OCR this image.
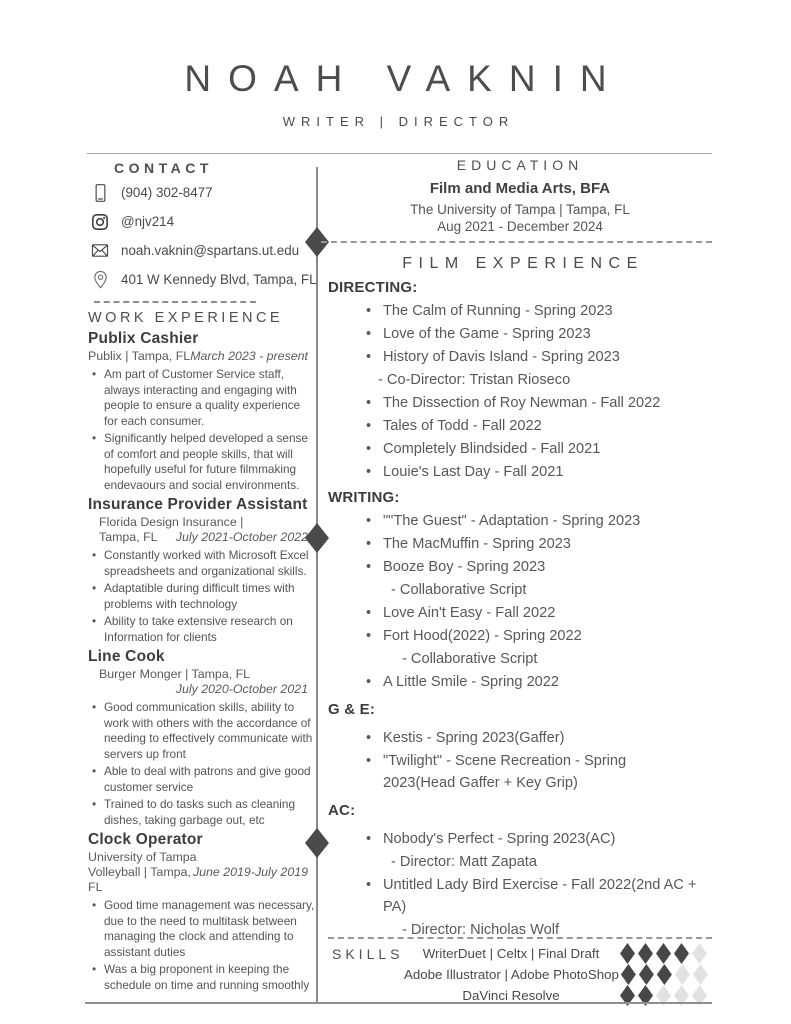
NOAH VAKNIN
WRITER | DIRECTOR
CONTACT
(904) 302-8477
@njv214
noah.vaknin@spartans.ut.edu
401 W Kennedy Blvd, Tampa, FL
WORK EXPERIENCE
Publix Cashier
Publix | Tampa, FL March 2023 - present
• Am part of Customer Service staff, always interacting and engaging with people to ensure a quality experience for each consumer.
• Significantly helped developed a sense of comfort and people skills, that will hopefully useful for future filmmaking endevaours and social environments.
Insurance Provider Assistant
Florida Design Insurance |
Tampa, FL July 2021-October 2022
• Constantly worked with Microsoft Excel spreadsheets and organizational skills.
• Adaptatible during difficult times with problems with technology
• Ability to take extensive research on Information for clients
Line Cook
Burger Monger | Tampa, FL
July 2020-October 2021
• Good communication skills, ability to work with others with the accordance of needing to effectively communicate with servers up front
• Able to deal with patrons and give good customer service
• Trained to do tasks such as cleaning dishes, taking garbage out, etc
Clock Operator
University of Tampa
Volleyball | Tampa, FL
June 2019-July 2019
• Good time management was necessary, due to the need to multitask between managing the clock and attending to assistant duties
• Was a big proponent in keeping the schedule on time and running smoothly
EDUCATION
Film and Media Arts, BFA
The University of Tampa | Tampa, FL
Aug 2021 - December 2024
FILM EXPERIENCE
DIRECTING:
• The Calm of Running - Spring 2023
• Love of the Game - Spring 2023
• History of Davis Island - Spring 2023
- Co-Director: Tristan Rioseco
• The Dissection of Roy Newman - Fall 2022
• Tales of Todd - Fall 2022
• Completely Blindsided - Fall 2021
• Louie's Last Day - Fall 2021
WRITING:
• ""The Guest" - Adaptation - Spring 2023
• The MacMuffin - Spring 2023
• Booze Boy - Spring 2023
- Collaborative Script
• Love Ain't Easy - Fall 2022
• Fort Hood(2022) - Spring 2022
- Collaborative Script
• A Little Smile - Spring 2022
G & E:
• Kestis - Spring 2023(Gaffer)
• "Twilight" - Scene Recreation - Spring 2023(Head Gaffer + Key Grip)
AC:
• Nobody's Perfect - Spring 2023(AC)
- Director: Matt Zapata
• Untitled Lady Bird Exercise - Fall 2022(2nd AC + PA)
- Director: Nicholas Wolf
SKILLS	WriterDuet | Celtx | Final Draft
Adobe Illustrator | Adobe PhotoShop
DaVinci Resolve
